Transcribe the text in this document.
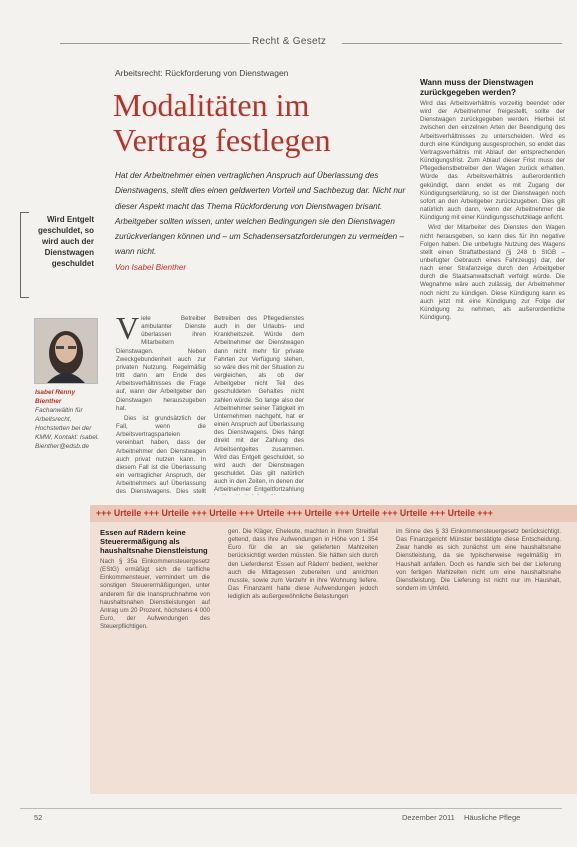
Recht & Gesetz
Arbeitsrecht: Rückforderung von Dienstwagen
Modalitäten im
Vertrag festlegen
Hat der Arbeitnehmer einen vertraglichen Anspruch auf Überlassung des Dienstwagens, stellt dies einen geldwerten Vorteil und Sachbezug dar. Nicht nur dieser Aspekt macht das Thema Rückforderung von Dienstwagen brisant. Arbeitgeber sollten wissen, unter welchen Bedingungen sie den Dienstwagen zurückverlangen können und – um Schadensersatzforderungen zu vermeiden – wann nicht.
Von Isabel Bienther
Wird Entgelt geschuldet, so wird auch der Dienstwagen geschuldet
Isabel Renny Bienther
Fachanwältin für Arbeitsrecht, Hochstetten bei der KMW, Kontakt: Isabel. Bienther@edsb.de

Viele Betreiber ambulanter Dienste überlassen ihren Mitarbeitern Dienstwagen. Neben Zweckgebundenheit auch zur privaten Nutzung. Regelmäßig tritt dann am Ende des Arbeitsverhältnisses die Frage auf, wann der Arbeitgeber den Dienstwagen herauszugeben hat.

Dies ist grundsätzlich der Fall, wenn die Arbeitsvertragsparteien vereinbart haben, dass der Arbeitnehmer den Dienstwagen auch privat nutzen kann. In diesem Fall ist die Überlassung ein vertraglicher Anspruch, der Arbeitnehmers auf Überlassung des Dienstwagens. Dies stellt

Betreiben des Pflegedienstes auch in der Urlaubs- und Krankheitszeit. Würde dem Arbeitnehmer der Dienstwagen dann nicht mehr für private Fahrten zur Verfügung stehen, so wäre dies mit der Situation zu vergleichen, als ob der Arbeitgeber nicht Teil des geschuldeten Gehaltes nicht zahlen würde. So lange also der Arbeitnehmer seiner Tätigkeit im Unternehmen nachgeht, hat er einen Anspruch auf Überlassung des Dienstwagens. Dies hängt direkt mit der Zahlung des Arbeitsentgeltes zusammen. Wird das Entgelt geschuldet, so wird auch der Dienstwagen geschuldet. Das gilt natürlich auch in den Zeiten, in denen der Arbeitnehmer Entgeltfortzahlung

Wann muss der Dienstwagen zurückgegeben werden?

Wird das Arbeitsverhältnis vorzeitig beendet oder wird der Arbeitnehmer freigestellt, sollte der Dienstwagen zurückgegeben werden. Hierbei ist zwischen den einzelnen Arten der Beendigung des Arbeitsverhältnisses zu unterscheiden. Wird es durch eine Kündigung ausgesprochen, so endet das Vertragsverhältnis mit Ablauf der entsprechenden Kündigungsfrist. Zum Ablauf dieser Frist muss der Pflegedienstbetreiber den Wagen zurück erhalten. Würde das Arbeitsverhältnis außerordentlich gekündigt, dann endet es mit Zugang der Kündigungserklärung, so ist der Dienstwagen noch sofort an den Arbeitgeber zurückzugeben. Dies gilt natürlich auch dann, wenn der Arbeitnehmer die Kündigung mit einer Kündigungsschutzklage anficht.

Wird der Mitarbeiter des Dienstes den Wagen nicht herausgeben, so kann dies für ihn negative Folgen haben. Die unbefugte Nutzung des Wagens stellt einen Straftatbestand (§ 248 b StGB – unbefugter Gebrauch eines Fahrzeugs) dar, der nach einer Strafanzeige durch den Arbeitgeber durch die Staatsanwaltschaft verfolgt würde. Die Wegnahme wäre auch zulässig, der Arbeitnehmer noch nicht zu kündigen. Diese Kündigung kann es auch jetzt mit eine Kündigung zur Folge der Kündigung zu nehmen, als außerordentliche Kündigung.

+++ Urteile +++ Urteile +++ Urteile +++ Urteile +++ Urteile +++ Urteile +++ Urteile +++ Urteile +++
Essen auf Rädern keine Steuerermäßigung als haushaltsnahe Dienstleistung
Nach § 35a Einkommensteuergesetz (EStG) ermäßigt sich die tarifliche Einkommensteuer, vermindert um die sonstigen Steuerermäßigungen, unter anderem für die Inanspruchnahme von haushaltsnahen Dienstleistungen auf Antrag um 20 Prozent, höchstens 4 000 Euro, der Aufwendungen des Steuerpflichtigen.
gen. Die Kläger, Eheleute, machten in ihrem Streitfall geltend, dass ihre Aufwendungen in Höhe von 1 354 Euro für die an sie gelieferten Mahlzeiten berücksichtigt werden müssten. Sie hätten sich durch den Lieferdienst 'Essen auf Rädern' bedient, welcher auch die Mittagessen zubereiten und anrichten musste, sowie zum Verzehr in ihre Wohnung liefere. Das Finanzamt hatte diese Aufwendungen jedoch lediglich als außergewöhnliche Belastungen
im Sinne des § 33 Einkommensteuergesetz berücksichtigt. Das Finanzgericht Münster bestätigte diese Entscheidung. Zwar handle es sich zunächst um eine haushaltsnahe Dienstleistung, da sie typischerweise regelmäßig im Haushalt anfallen. Doch es handle sich bei der Lieferung von fertigen Mahlzeiten nicht um eine haushaltsnahe Dienstleistung. Die Lieferung ist nicht nur im Haushalt, sondern im Umfeld.
52	Dezember 2011 Häusliche Pflege
